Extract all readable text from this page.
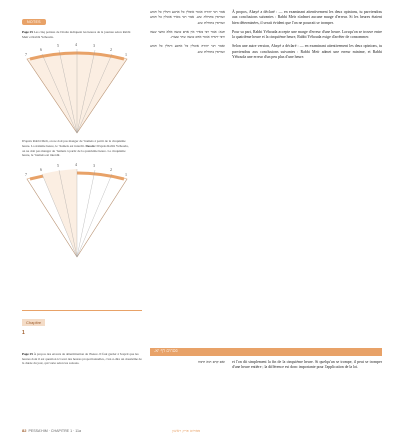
NOTES

Page 25 Les cinq pointes de l'étoile indiquent les heures de la journée selon Rabbi Meïr et Rabbi Yéhouda.

7
6
5	4	3
2
1

D'après Rabbi Meïr, on ne doit pas manger de ’hamets à partir de la cinquième heure. La sixième heure, le ’hamets est interdit. Dessin: D'après Rabbi Yéhouda, on ne doit pas manger de ’hamets à partir de la quatrième heure. La cinquième heure, le ’hamets est interdit.

7
6
5	4	3
2
1

אמר רבי יהודה אומר אוכלין כל ארבע ותולין כל חמש ושורפין בתחלת שש. אמר רבי מאיר אוכלין כל חמש ושורפין בתחלת שש.

תנא: אמר רבי מאיר אין אדם טועה אלא כחצי שעה ורבי יהודה אומר אדם טועה שתי שעות.

ואמר רבי יהודה אוכלין כל ארבע ותולין כל חמש ושורפין בתחלת שש.

À propos, Abayé a déclaré : — en examinant attentivement les deux opinions, tu parviendras aux conclusions suivantes : Rabbi Meïr n'admet aucune marge d'erreur. Si les heures étaient bien déterminées, il serait évident que l'on ne pourrait se tromper.

Pour sa part, Rabbi Yéhouda accepte une marge d'erreur d'une heure. Lorsqu'on se trouve entre la quatrième heure et la cinquième heure, Rabbi Yéhouda exige d'arrêter de consommer.

Selon une autre version, Abayé a déclaré : — en examinant attentivement les deux opinions, tu parviendras aux conclusions suivantes : Rabbi Meïr admet une erreur minime, et Rabbi Yéhouda une erreur d'un peu plus d'une heure.

Chapitre
1

Page 25 À propos des erreurs de détermination de l'heure. Il faut garder à l'esprit que les heures dont il est question ici sont des heures proportionnelles, c'est-à-dire un douzième de la durée du jour, qui varie selon les saisons.

פסחים דף יא.

ואם קדם הוא תימה et l'on dit simplement la fin de la cinquième heure. Si quelqu'un se trompe, il peut se tromper d'une heure entière ; la différence est donc importante pour l'application de la loi.

82 PESSA'HIM · CHAPITRE 1 · 11a	פסחים פרק ראשון
